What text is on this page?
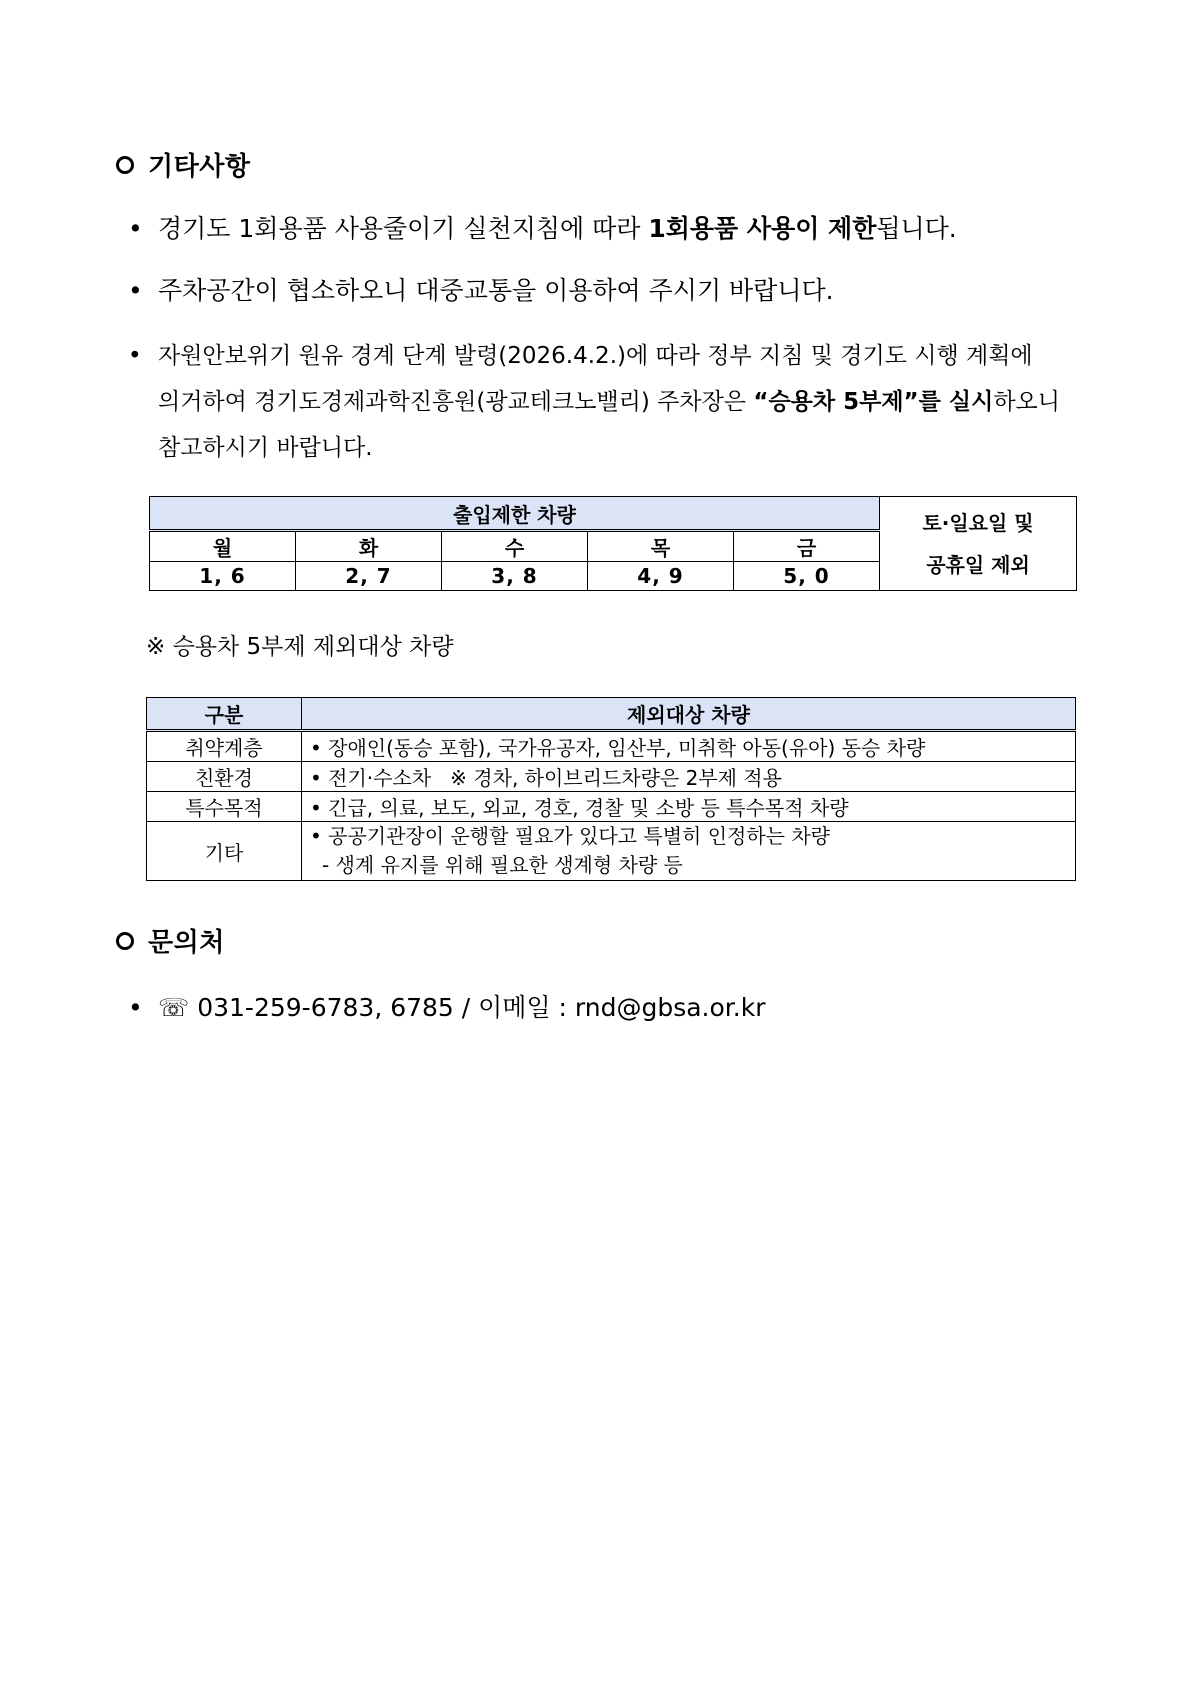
기타사항
• 경기도 1회용품 사용줄이기 실천지침에 따라 1회용품 사용이 제한됩니다.
• 주차공간이 협소하오니 대중교통을 이용하여 주시기 바랍니다.
• 자원안보위기 원유 경계 단계 발령(2026.4.2.)에 따라 정부 지침 및 경기도 시행 계획에
의거하여 경기도경제과학진흥원(광교테크노밸리) 주차장은 “승용차 5부제”를 실시하오니
참고하시기 바랍니다.
출입제한 차량					토·일요일 및
공휴일 제외

월	화	수	목	금	
1, 6	2, 7	3, 8	4, 9	5, 0	
※ 승용차 5부제 제외대상 차량
구분	제외대상 차량
취약계층	• 장애인(동승 포함), 국가유공자, 임산부, 미취학 아동(유아) 동승 차량
친환경	• 전기·수소차   ※ 경차, 하이브리드차량은 2부제 적용
특수목적	• 긴급, 의료, 보도, 외교, 경호, 경찰 및 소방 등 특수목적 차량
기타	• 공공기관장이 운행할 필요가 있다고 특별히 인정하는 차량
- 생계 유지를 위해 필요한 생계형 차량 등
문의처
• ☏ 031-259-6783, 6785 / 이메일 : rnd@gbsa.or.kr
